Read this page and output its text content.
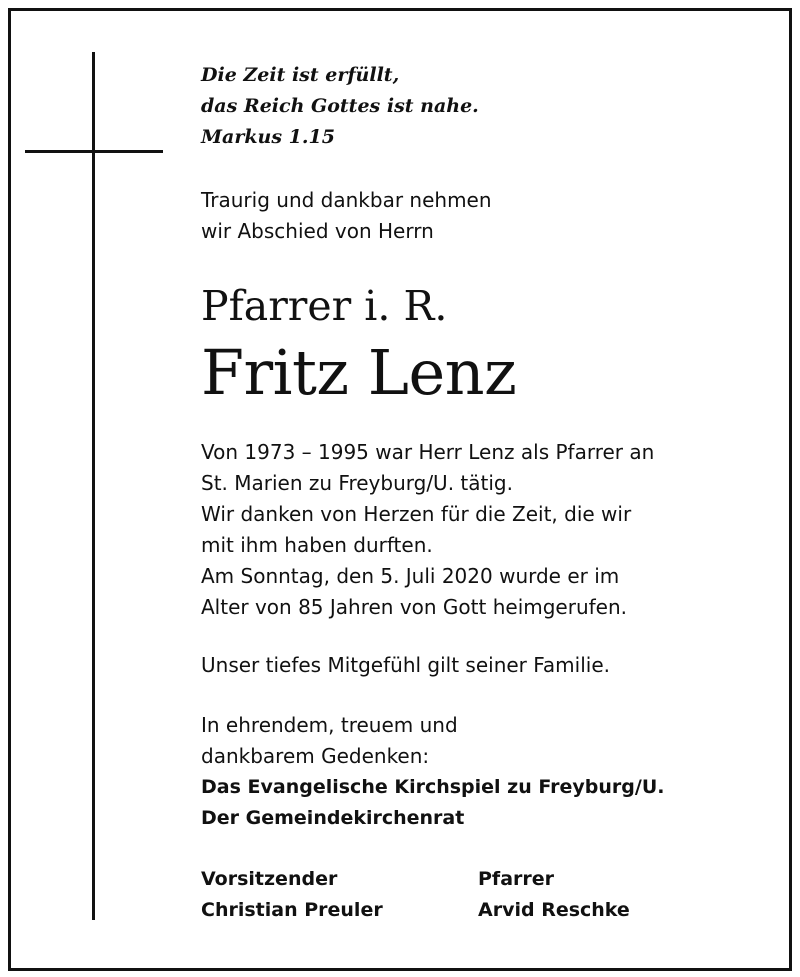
Die Zeit ist erfüllt,
das Reich Gottes ist nahe.
Markus 1.15
Traurig und dankbar nehmen
wir Abschied von Herrn
Pfarrer i. R.
Fritz Lenz
Von 1973 – 1995 war Herr Lenz als Pfarrer an
St. Marien zu Freyburg/U. tätig.
Wir danken von Herzen für die Zeit, die wir
mit ihm haben durften.
Am Sonntag, den 5. Juli 2020 wurde er im
Alter von 85 Jahren von Gott heimgerufen.
Unser tiefes Mitgefühl gilt seiner Familie.
In ehrendem, treuem und
dankbarem Gedenken:
Das Evangelische Kirchspiel zu Freyburg/U.
Der Gemeindekirchenrat
Vorsitzender
Christian Preuler
Pfarrer
Arvid Reschke
